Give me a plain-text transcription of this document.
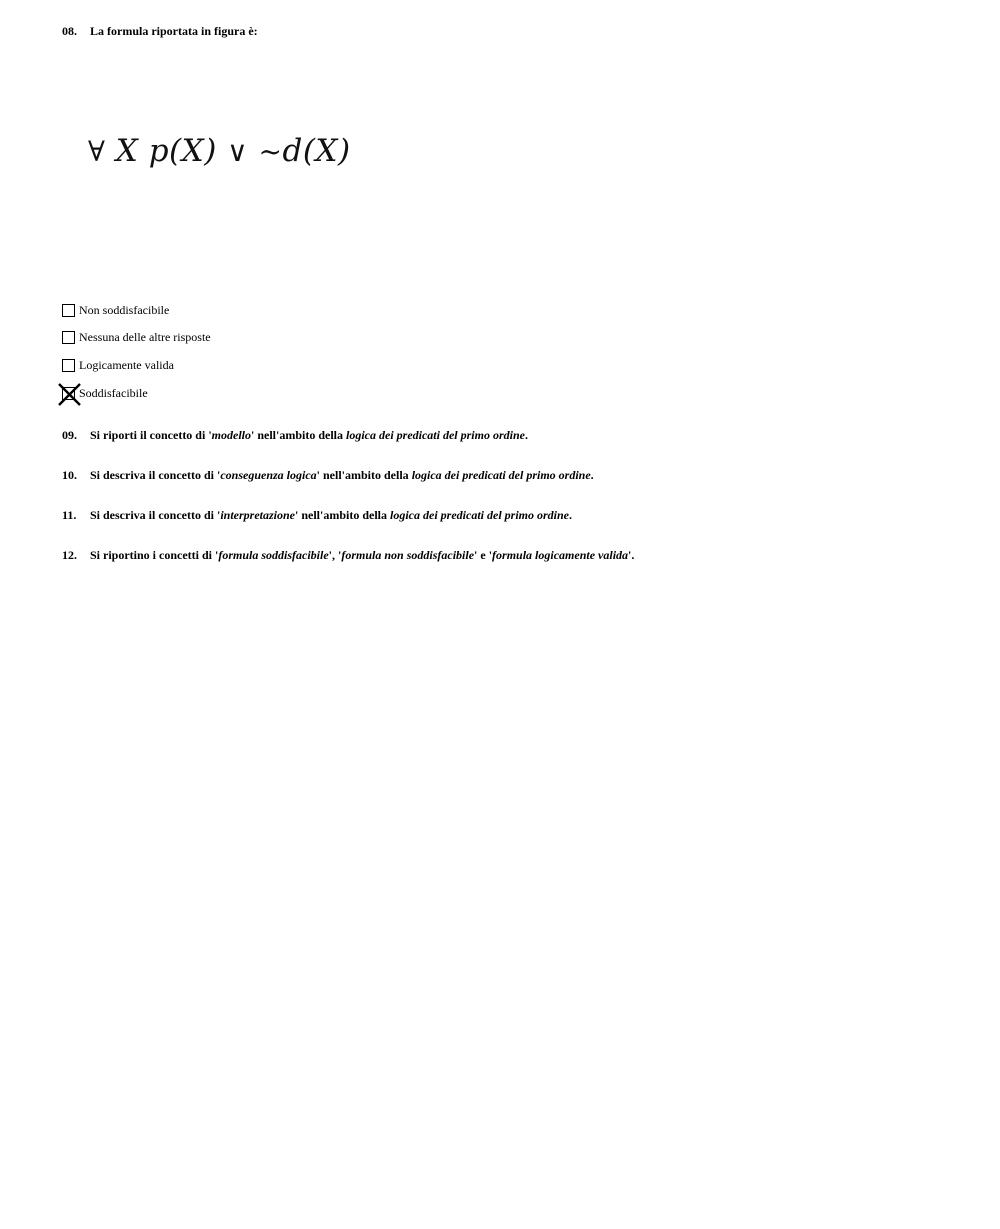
08. La formula riportata in figura è:
∀ X p(X) ∨ ~d(X)
Non soddisfacibile
Nessuna delle altre risposte
Logicamente valida
Soddisfacibile
09. Si riporti il concetto di 'modello' nell'ambito della logica dei predicati del primo ordine.
10. Si descriva il concetto di 'conseguenza logica' nell'ambito della logica dei predicati del primo ordine.
11. Si descriva il concetto di 'interpretazione' nell'ambito della logica dei predicati del primo ordine.
12. Si riportino i concetti di 'formula soddisfacibile', 'formula non soddisfacibile' e 'formula logicamente valida'.
